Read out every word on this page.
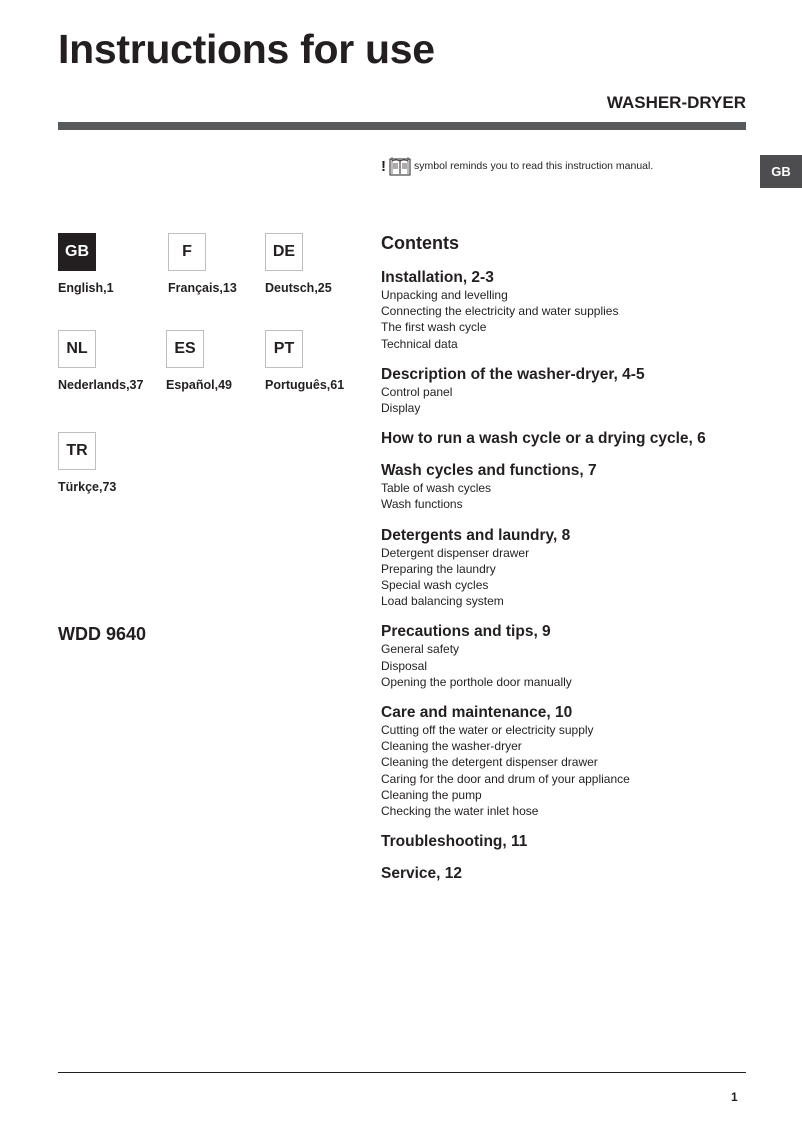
Instructions for use
WASHER-DRYER
GB
!	symbol reminds you to read this instruction manual.
GB
English,1
F
Français,13
DE
Deutsch,25
NL
Nederlands,37
ES
Español,49
PT
Português,61
TR
Türkçe,73
WDD 9640
Contents
Installation, 2-3
Unpacking and levelling
Connecting the electricity and water supplies
The first wash cycle
Technical data
Description of the washer-dryer, 4-5
Control panel
Display
How to run a wash cycle or a drying cycle, 6
Wash cycles and functions, 7
Table of wash cycles
Wash functions
Detergents and laundry, 8
Detergent dispenser drawer
Preparing the laundry
Special wash cycles
Load balancing system
Precautions and tips, 9
General safety
Disposal
Opening the porthole door manually
Care and maintenance, 10
Cutting off the water or electricity supply
Cleaning the washer-dryer
Cleaning the detergent dispenser drawer
Caring for the door and drum of your appliance
Cleaning the pump
Checking the water inlet hose
Troubleshooting, 11
Service, 12
1
